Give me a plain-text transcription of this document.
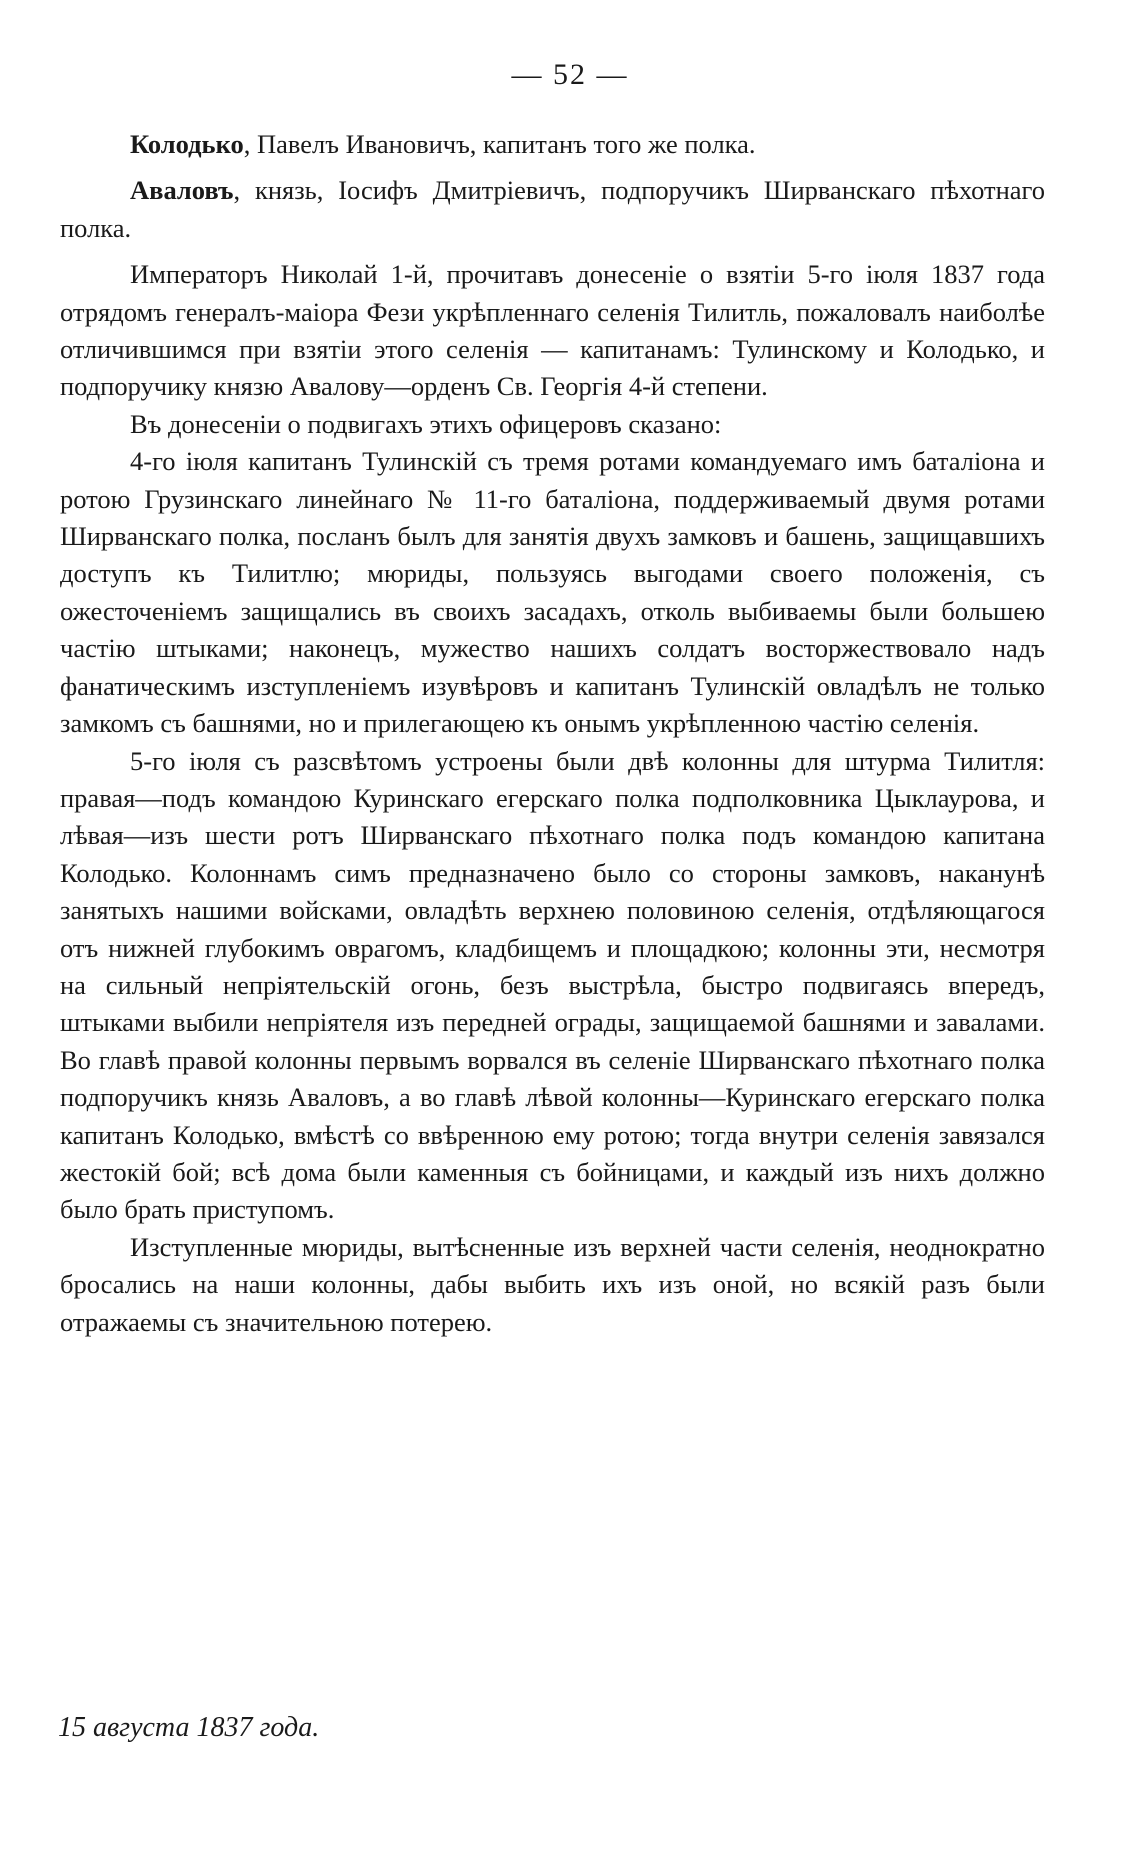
— 52 —

Колодько, Павелъ Ивановичъ, капитанъ того же полка.

Аваловъ, князь, Іосифъ Дмитріевичъ, подпоручикъ Ширванскаго пѣхотнаго полка.

Императоръ Николай 1-й, прочитавъ донесеніе о взятіи 5-го іюля 1837 года отрядомъ генералъ-маіора Фези укрѣпленнаго селенія Тилитль, пожаловалъ наиболѣе отличившимся при взятіи этого селенія — капитанамъ: Тулинскому и Колодько, и подпоручику князю Авалову—орденъ Св. Георгія 4-й степени.

Въ донесеніи о подвигахъ этихъ офицеровъ сказано:

4-го іюля капитанъ Тулинскій съ тремя ротами командуемаго имъ баталіона и ротою Грузинскаго линейнаго № 11-го баталіона, поддерживаемый двумя ротами Ширванскаго полка, посланъ былъ для занятія двухъ замковъ и башень, защищавшихъ доступъ къ Тилитлю; мюриды, пользуясь выгодами своего положенія, съ ожесточеніемъ защищались въ своихъ засадахъ, отколь выбиваемы были большею частію штыками; наконецъ, мужество нашихъ солдатъ восторжествовало надъ фанатическимъ изступленіемъ изувѣровъ и капитанъ Тулинскій овладѣлъ не только замкомъ съ башнями, но и прилегающею къ онымъ укрѣпленною частію селенія.

5-го іюля съ разсвѣтомъ устроены были двѣ колонны для штурма Тилитля: правая—подъ командою Куринскаго егерскаго полка подполковника Цыклаурова, и лѣвая—изъ шести ротъ Ширванскаго пѣхотнаго полка подъ командою капитана Колодько. Колоннамъ симъ предназначено было со стороны замковъ, наканунѣ занятыхъ нашими войсками, овладѣть верхнею половиною селенія, отдѣляющагося отъ нижней глубокимъ оврагомъ, кладбищемъ и площадкою; колонны эти, несмотря на сильный непріятельскій огонь, безъ выстрѣла, быстро подвигаясь впередъ, штыками выбили непріятеля изъ передней ограды, защищаемой башнями и завалами. Во главѣ правой колонны первымъ ворвался въ селеніе Ширванскаго пѣхотнаго полка подпоручикъ князь Аваловъ, а во главѣ лѣвой колонны—Куринскаго егерскаго полка капитанъ Колодько, вмѣстѣ со ввѣренною ему ротою; тогда внутри селенія завязался жестокій бой; всѣ дома были каменныя съ бойницами, и каждый изъ нихъ должно было брать приступомъ.

Изступленные мюриды, вытѣсненные изъ верхней части селенія, неоднократно бросались на наши колонны, дабы выбить ихъ изъ оной, но всякій разъ были отражаемы съ значительною потерею.

15 августа 1837 года.
